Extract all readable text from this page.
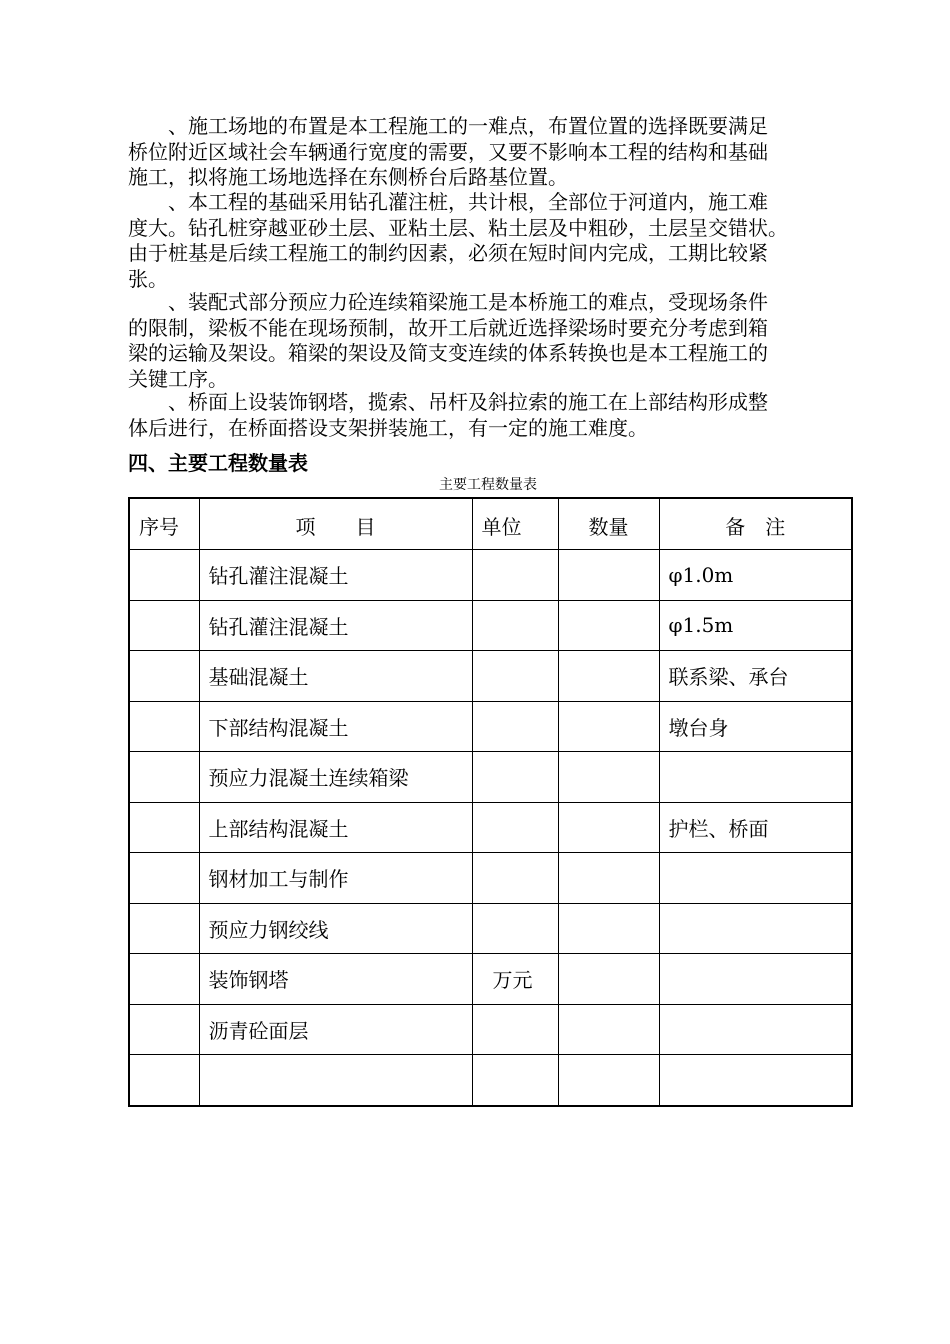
　　、施工场地的布置是本工程施工的一难点，布置位置的选择既要满足
桥位附近区域社会车辆通行宽度的需要，又要不影响本工程的结构和基础
施工，拟将施工场地选择在东侧桥台后路基位置。
　　、本工程的基础采用钻孔灌注桩，共计根，全部位于河道内，施工难
度大。钻孔桩穿越亚砂土层、亚粘土层、粘土层及中粗砂，土层呈交错状。
由于桩基是后续工程施工的制约因素，必须在短时间内完成，工期比较紧
张。
　　、装配式部分预应力砼连续箱梁施工是本桥施工的难点，受现场条件
的限制，梁板不能在现场预制，故开工后就近选择梁场时要充分考虑到箱
梁的运输及架设。箱梁的架设及简支变连续的体系转换也是本工程施工的
关键工序。
　　、桥面上设装饰钢塔，揽索、吊杆及斜拉索的施工在上部结构形成整
体后进行，在桥面搭设支架拼装施工，有一定的施工难度。
四、主要工程数量表
主要工程数量表
序号	项　　目	单位	数量	备　注
	钻孔灌注混凝土			φ1.0m
	钻孔灌注混凝土			φ1.5m
	基础混凝土			联系梁、承台
	下部结构混凝土			墩台身
	预应力混凝土连续箱梁			
	上部结构混凝土			护栏、桥面
	钢材加工与制作			
	预应力钢绞线			
	装饰钢塔	万元		
	沥青砼面层			
